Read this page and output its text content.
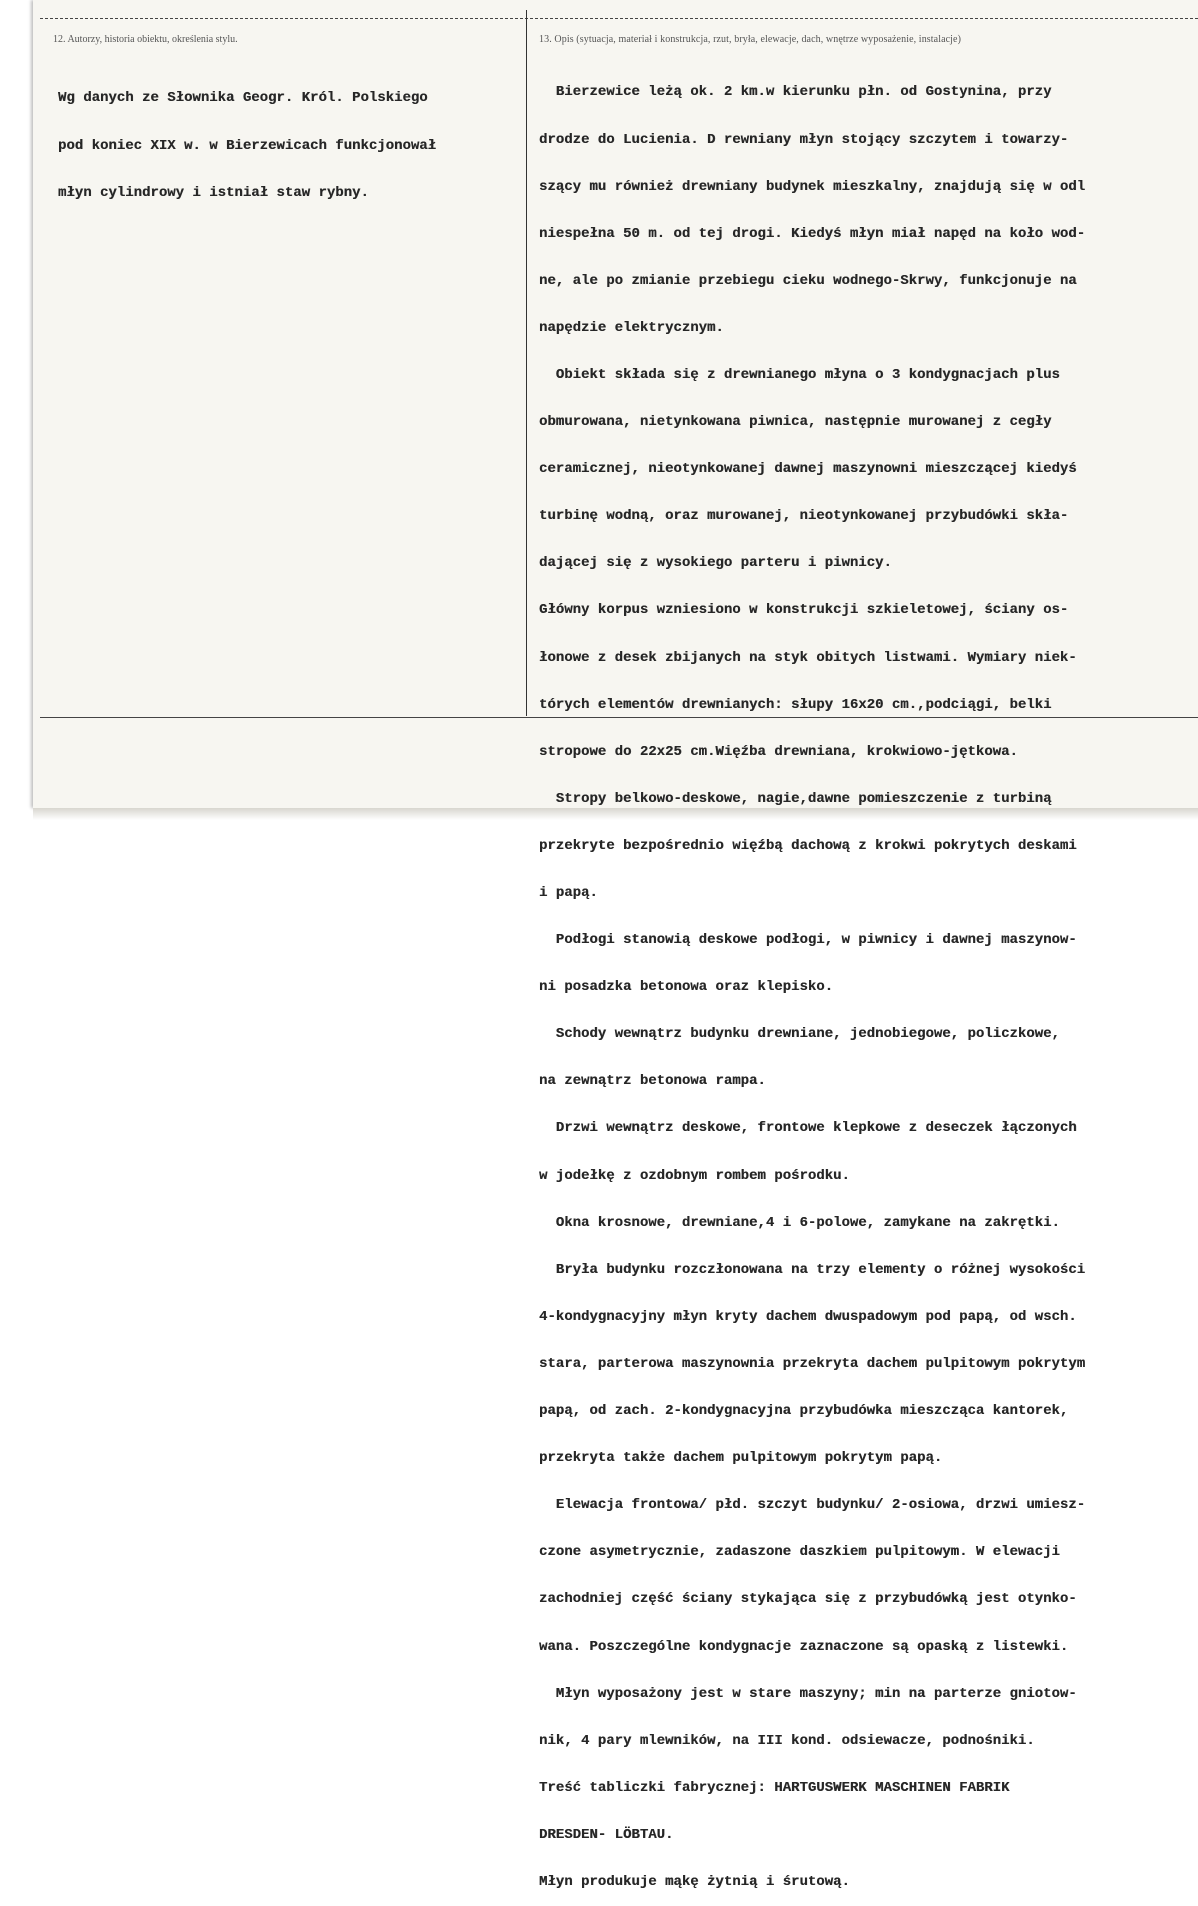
12. Autorzy, historia obiektu, określenia stylu.	13. Opis (sytuacja, materiał i konstrukcja, rzut, bryła, elewacje, dach, wnętrze wyposażenie, instalacje)

Wg danych ze Słownika Geogr. Król. Polskiego

pod koniec XIX w. w Bierzewicach funkcjonował

młyn cylindrowy i istniał staw rybny.

Bierzewice leżą ok. 2 km.w kierunku płn. od Gostynina, przy

drodze do Lucienia. D rewniany młyn stojący szczytem i towarzy-

szący mu również drewniany budynek mieszkalny, znajdują się w odl

niespełna 50 m. od tej drogi. Kiedyś młyn miał napęd na koło wod-

ne, ale po zmianie przebiegu cieku wodnego-Skrwy, funkcjonuje na

napędzie elektrycznym.

Obiekt składa się z drewnianego młyna o 3 kondygnacjach plus

obmurowana, nietynkowana piwnica, następnie murowanej z cegły

ceramicznej, nieotynkowanej dawnej maszynowni mieszczącej kiedyś

turbinę wodną, oraz murowanej, nieotynkowanej przybudówki skła-

dającej się z wysokiego parteru i piwnicy.

Główny korpus wzniesiono w konstrukcji szkieletowej, ściany os-

łonowe z desek zbijanych na styk obitych listwami. Wymiary niek-

tórych elementów drewnianych: słupy 16x20 cm.,podciągi, belki

stropowe do 22x25 cm.Więźba drewniana, krokwiowo-jętkowa.

Stropy belkowo-deskowe, nagie,dawne pomieszczenie z turbiną

przekryte bezpośrednio więźbą dachową z krokwi pokrytych deskami

i papą.

Podłogi stanowią deskowe podłogi, w piwnicy i dawnej maszynow-

ni posadzka betonowa oraz klepisko.

Schody wewnątrz budynku drewniane, jednobiegowe, policzkowe,

na zewnątrz betonowa rampa.

Drzwi wewnątrz deskowe, frontowe klepkowe z deseczek łączonych

w jodełkę z ozdobnym rombem pośrodku.

Okna krosnowe, drewniane,4 i 6-polowe, zamykane na zakrętki.

Bryła budynku rozczłonowana na trzy elementy o różnej wysokości

4-kondygnacyjny młyn kryty dachem dwuspadowym pod papą, od wsch.

stara, parterowa maszynownia przekryta dachem pulpitowym pokrytym

papą, od zach. 2-kondygnacyjna przybudówka mieszcząca kantorek,

przekryta także dachem pulpitowym pokrytym papą.

Elewacja frontowa/ płd. szczyt budynku/ 2-osiowa, drzwi umiesz-

czone asymetrycznie, zadaszone daszkiem pulpitowym. W elewacji

zachodniej część ściany stykająca się z przybudówką jest otynko-

wana. Poszczególne kondygnacje zaznaczone są opaską z listewki.

Młyn wyposażony jest w stare maszyny; min na parterze gniotow-

nik, 4 pary mlewników, na III kond. odsiewacze, podnośniki.

Treść tabliczki fabrycznej: HARTGUSWERK MASCHINEN FABRIK

DRESDEN- LÖBTAU.

Młyn produkuje mąkę żytnią i śrutową.
